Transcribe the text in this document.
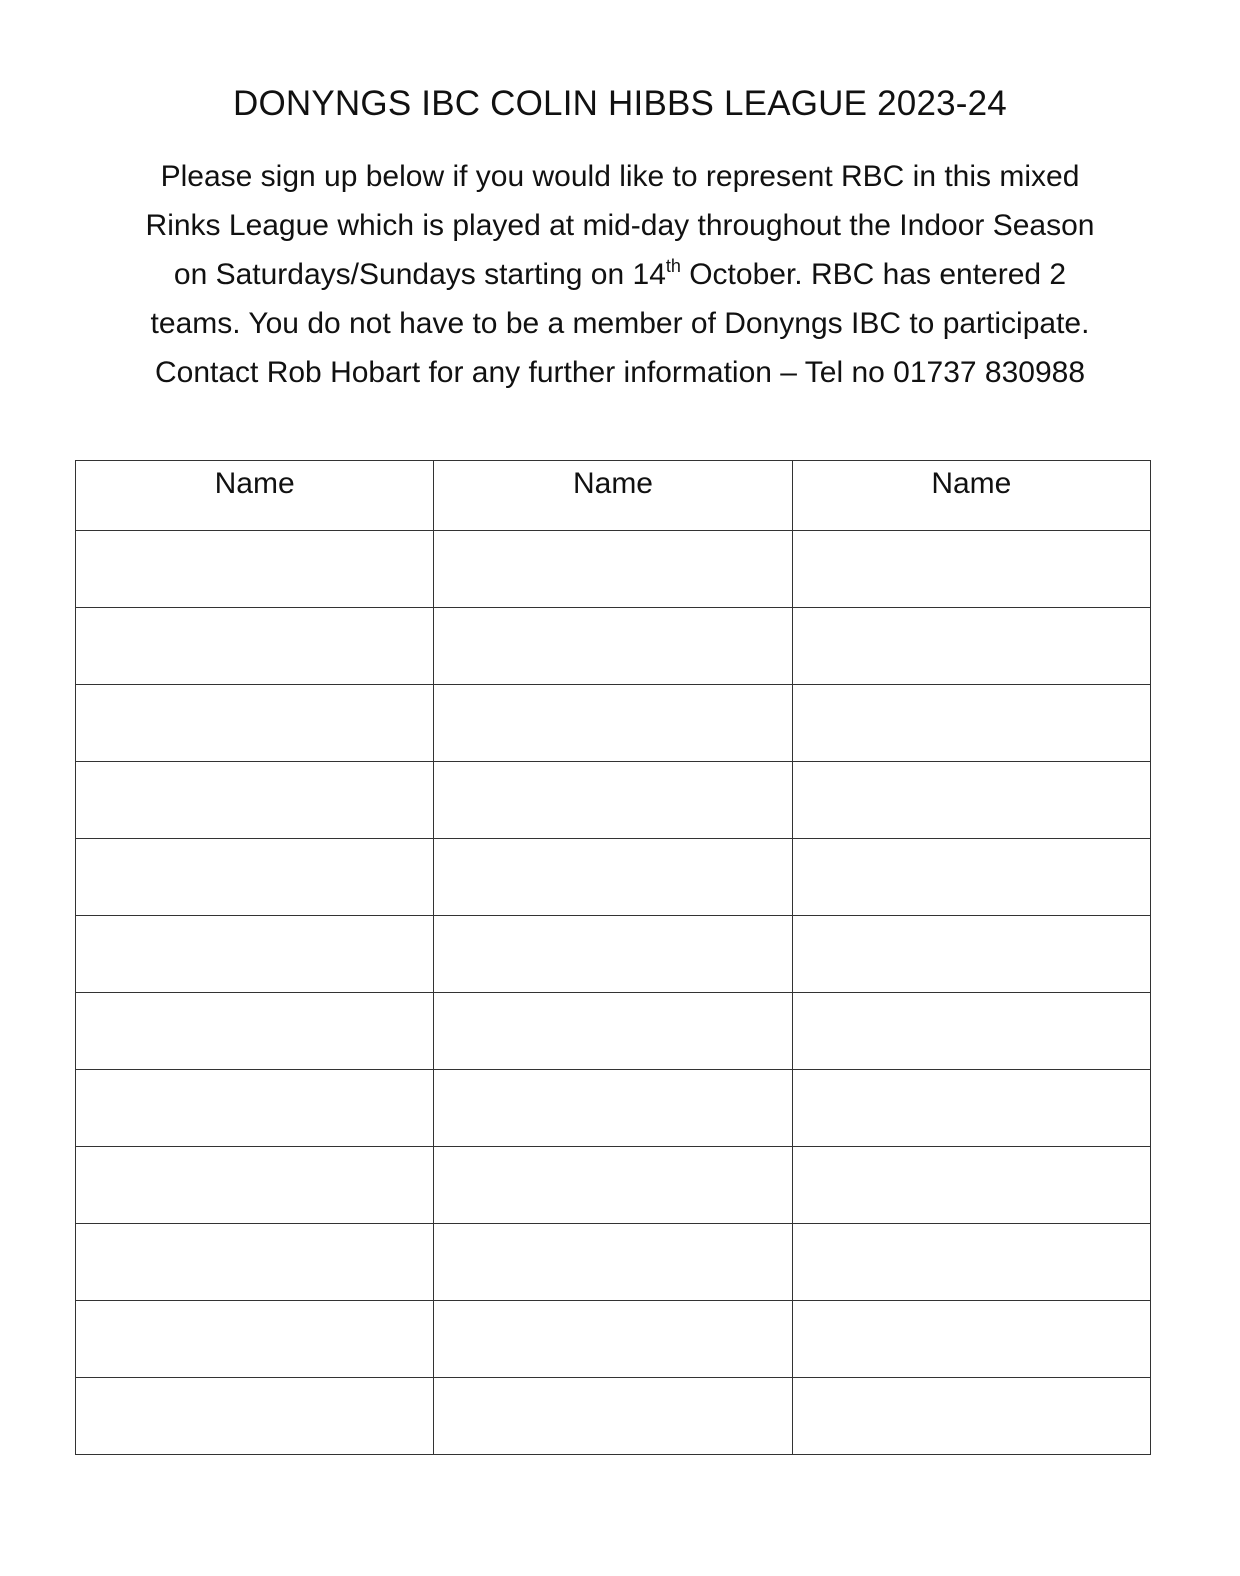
DONYNGS IBC COLIN HIBBS LEAGUE 2023-24

Please sign up below if you would like to represent RBC in this mixed

Rinks League which is played at mid-day throughout the Indoor Season

on Saturdays/Sundays starting on 14th October. RBC has entered 2

teams. You do not have to be a member of Donyngs IBC to participate.

Contact Rob Hobart for any further information – Tel no 01737 830988

Name	Name	Name
